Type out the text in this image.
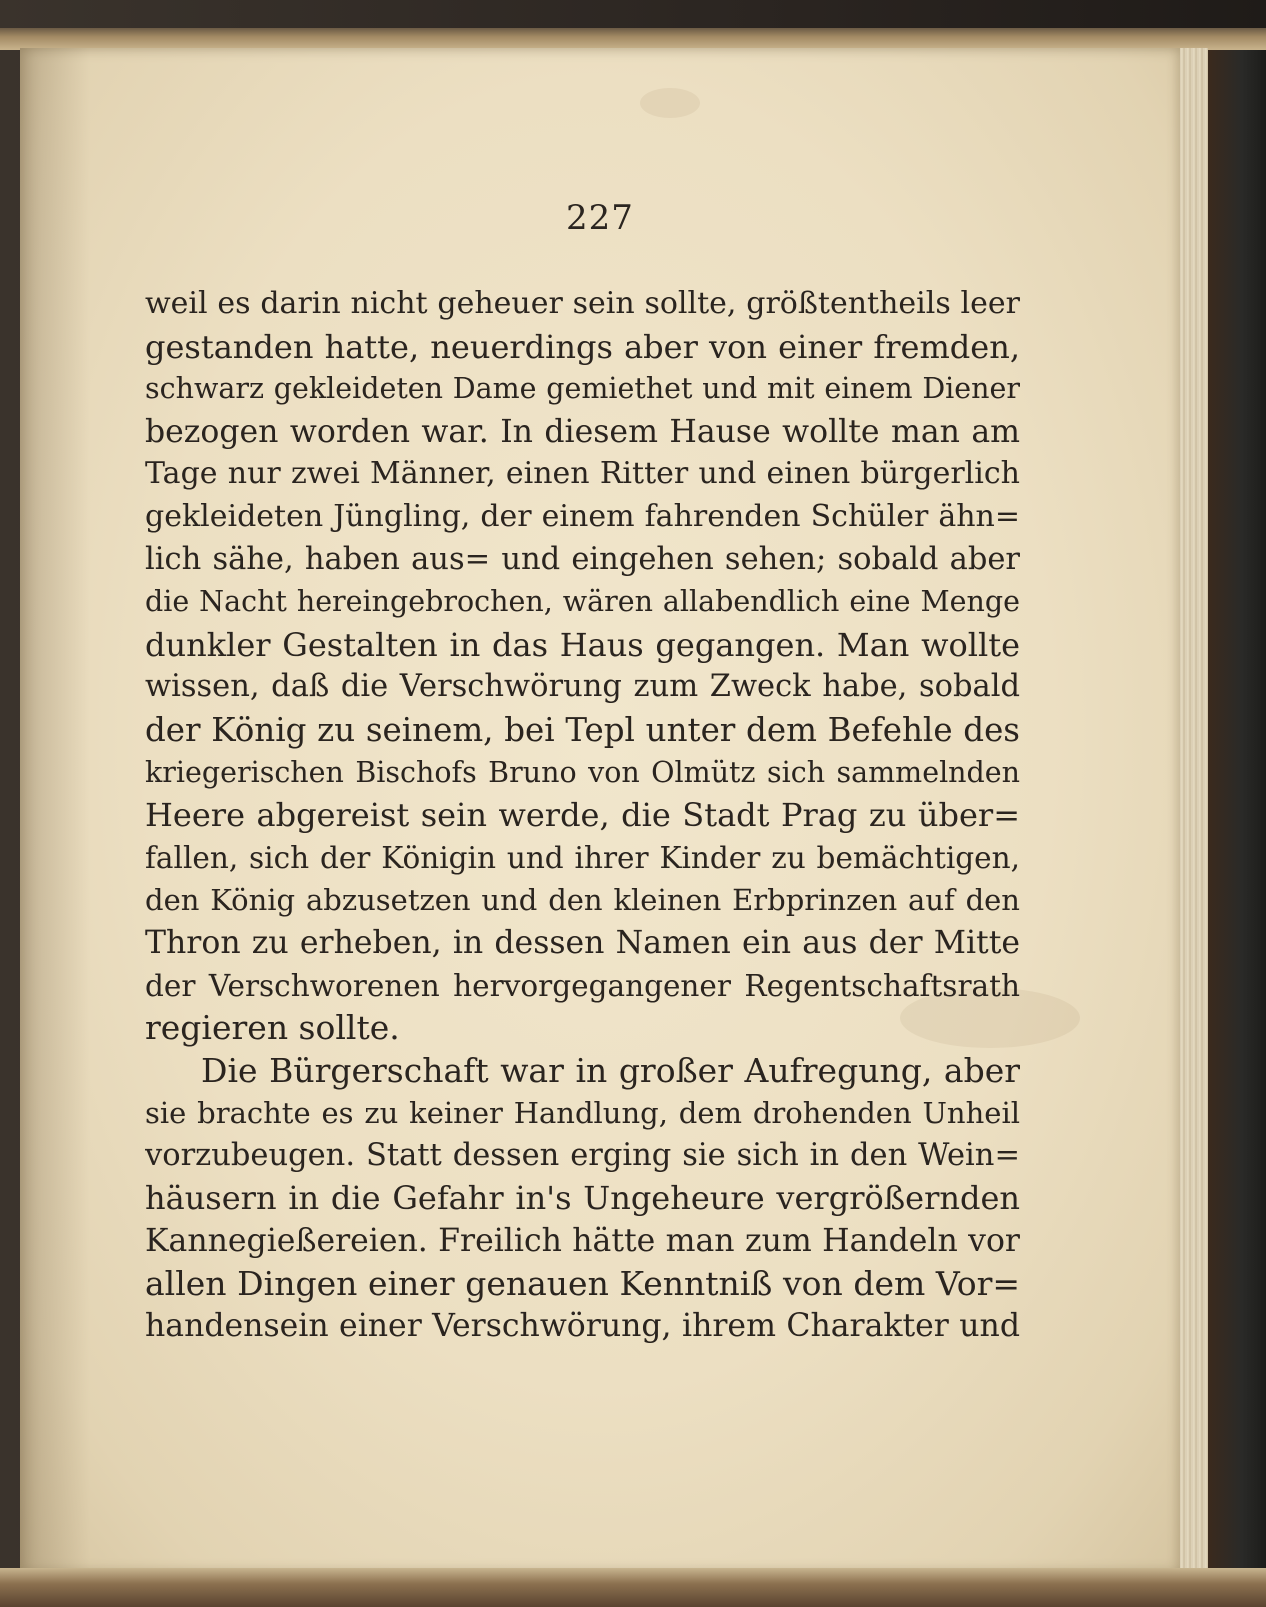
227
weil es darin nicht geheuer sein sollte, größtentheils leer
gestanden hatte, neuerdings aber von einer fremden,
schwarz gekleideten Dame gemiethet und mit einem Diener
bezogen worden war. In diesem Hause wollte man am
Tage nur zwei Männer, einen Ritter und einen bürgerlich
gekleideten Jüngling, der einem fahrenden Schüler ähn=
lich sähe, haben aus= und eingehen sehen; sobald aber
die Nacht hereingebrochen, wären allabendlich eine Menge
dunkler Gestalten in das Haus gegangen. Man wollte
wissen, daß die Verschwörung zum Zweck habe, sobald
der König zu seinem, bei Tepl unter dem Befehle des
kriegerischen Bischofs Bruno von Olmütz sich sammelnden
Heere abgereist sein werde, die Stadt Prag zu über=
fallen, sich der Königin und ihrer Kinder zu bemächtigen,
den König abzusetzen und den kleinen Erbprinzen auf den
Thron zu erheben, in dessen Namen ein aus der Mitte
der Verschworenen hervorgegangener Regentschaftsrath
regieren sollte.
Die Bürgerschaft war in großer Aufregung, aber
sie brachte es zu keiner Handlung, dem drohenden Unheil
vorzubeugen. Statt dessen erging sie sich in den Wein=
häusern in die Gefahr in's Ungeheure vergrößernden
Kannegießereien. Freilich hätte man zum Handeln vor
allen Dingen einer genauen Kenntniß von dem Vor=
handensein einer Verschwörung, ihrem Charakter und
